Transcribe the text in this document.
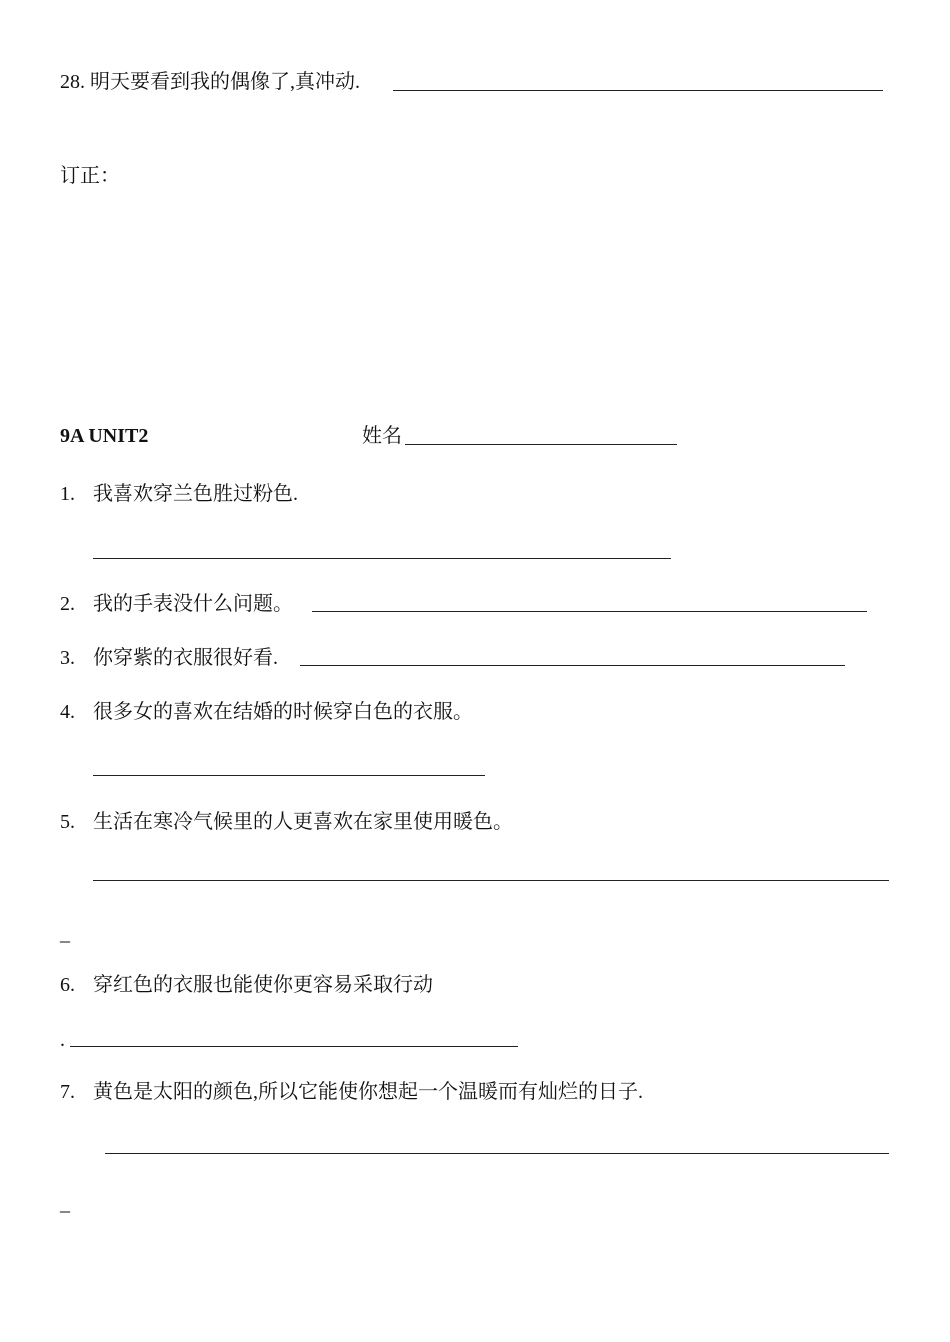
28. 明天要看到我的偶像了,真冲动.
订正：
9A UNIT2	姓名
1. 我喜欢穿兰色胜过粉色.
2. 我的手表没什么问题。
3. 你穿紫的衣服很好看.
4. 很多女的喜欢在结婚的时候穿白色的衣服。
5. 生活在寒冷气候里的人更喜欢在家里使用暖色。
_
6. 穿红色的衣服也能使你更容易采取行动
.
7. 黄色是太阳的颜色,所以它能使你想起一个温暖而有灿烂的日子.
_
